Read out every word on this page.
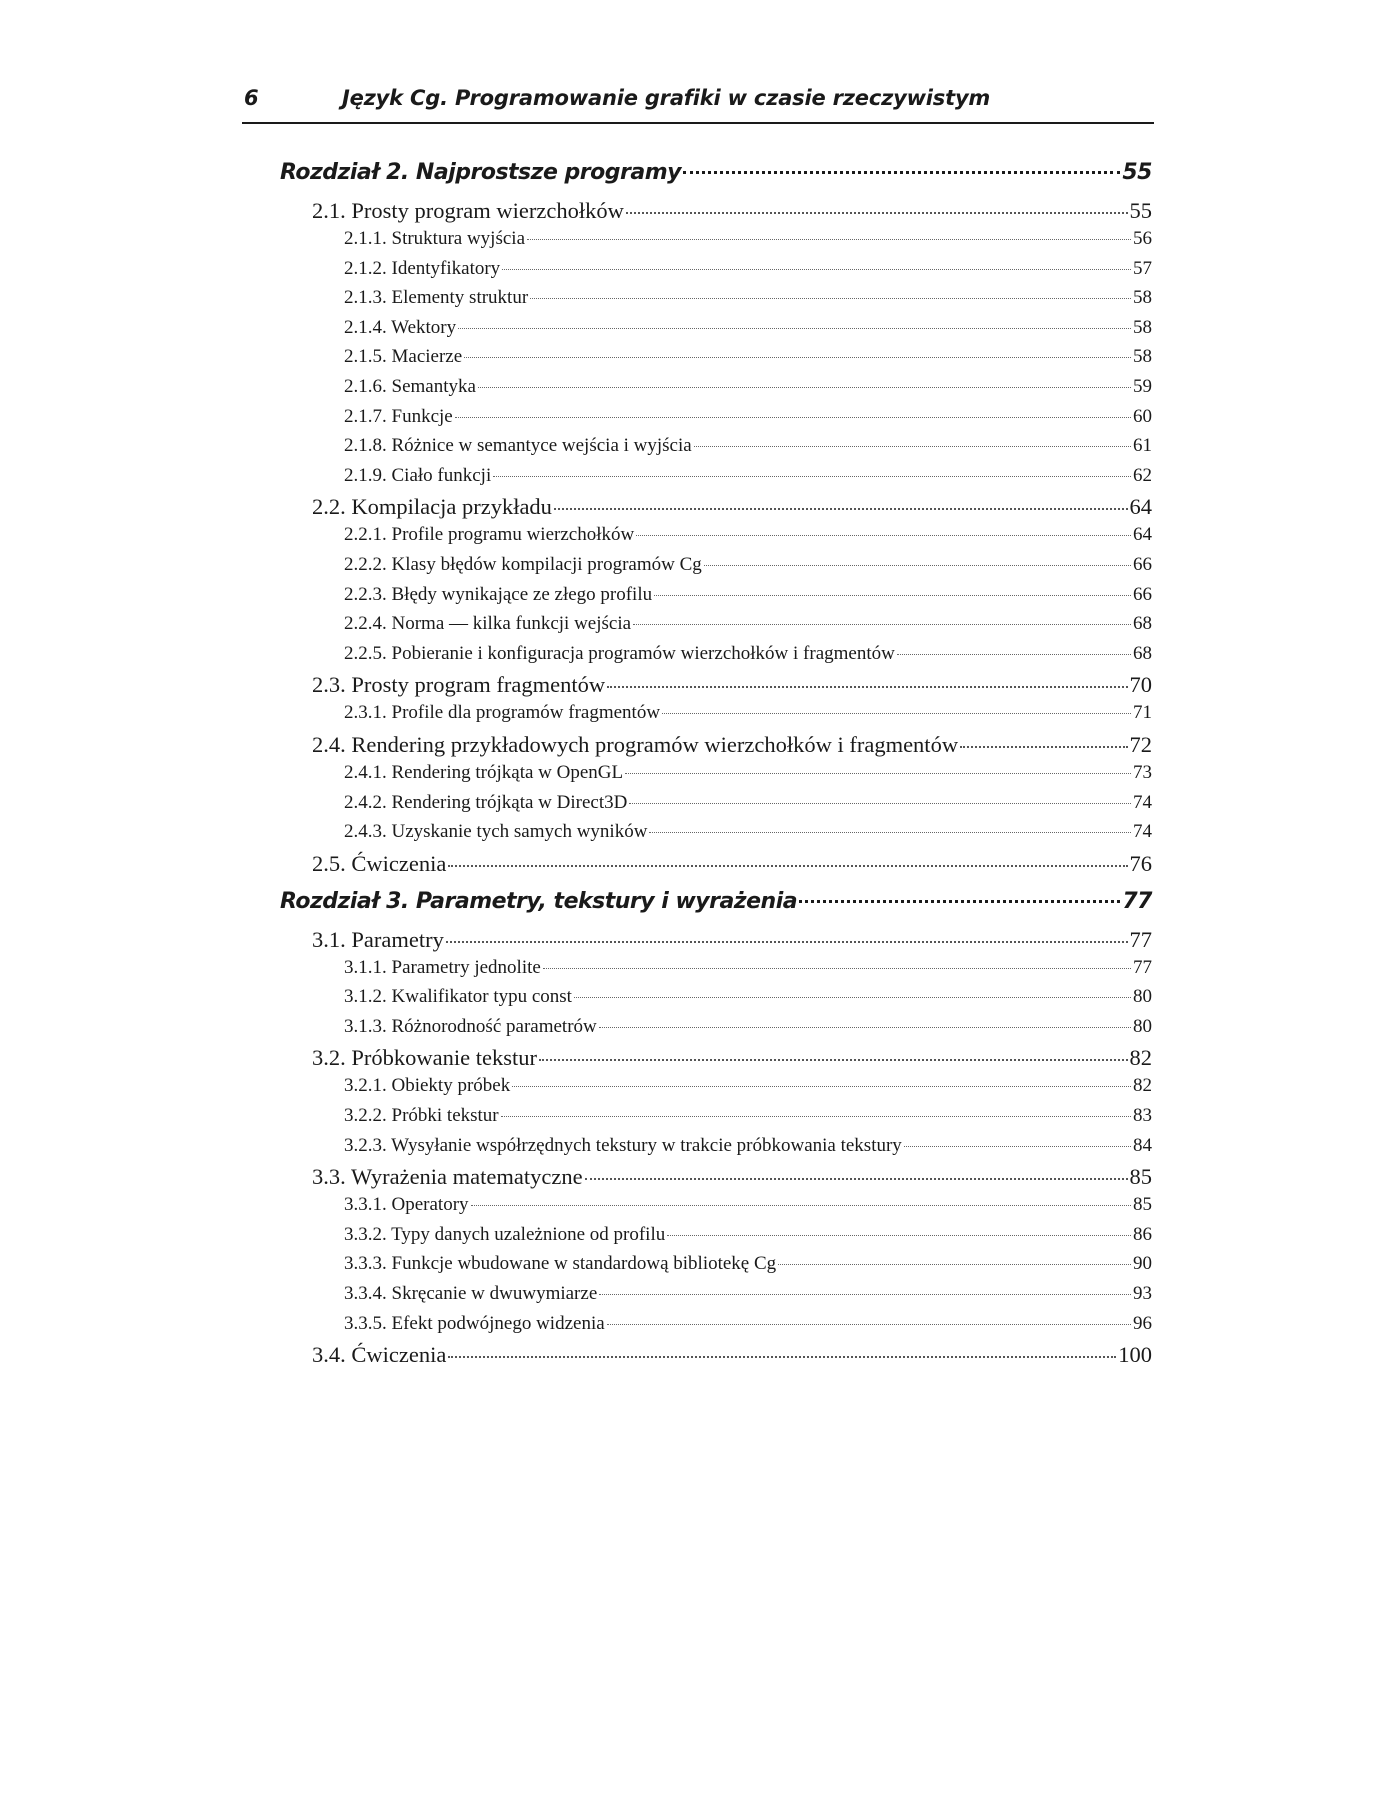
6	Język Cg. Programowanie grafiki w czasie rzeczywistym
Rozdział 2. Najprostsze programy	55
2.1. Prosty program wierzchołków	55
2.1.1. Struktura wyjścia	56
2.1.2. Identyfikatory	57
2.1.3. Elementy struktur	58
2.1.4. Wektory	58
2.1.5. Macierze	58
2.1.6. Semantyka	59
2.1.7. Funkcje	60
2.1.8. Różnice w semantyce wejścia i wyjścia	61
2.1.9. Ciało funkcji	62
2.2. Kompilacja przykładu	64
2.2.1. Profile programu wierzchołków	64
2.2.2. Klasy błędów kompilacji programów Cg	66
2.2.3. Błędy wynikające ze złego profilu	66
2.2.4. Norma — kilka funkcji wejścia	68
2.2.5. Pobieranie i konfiguracja programów wierzchołków i fragmentów	68
2.3. Prosty program fragmentów	70
2.3.1. Profile dla programów fragmentów	71
2.4. Rendering przykładowych programów wierzchołków i fragmentów	72
2.4.1. Rendering trójkąta w OpenGL	73
2.4.2. Rendering trójkąta w Direct3D	74
2.4.3. Uzyskanie tych samych wyników	74
2.5. Ćwiczenia	76
Rozdział 3. Parametry, tekstury i wyrażenia	77
3.1. Parametry	77
3.1.1. Parametry jednolite	77
3.1.2. Kwalifikator typu const	80
3.1.3. Różnorodność parametrów	80
3.2. Próbkowanie tekstur	82
3.2.1. Obiekty próbek	82
3.2.2. Próbki tekstur	83
3.2.3. Wysyłanie współrzędnych tekstury w trakcie próbkowania tekstury	84
3.3. Wyrażenia matematyczne	85
3.3.1. Operatory	85
3.3.2. Typy danych uzależnione od profilu	86
3.3.3. Funkcje wbudowane w standardową bibliotekę Cg	90
3.3.4. Skręcanie w dwuwymiarze	93
3.3.5. Efekt podwójnego widzenia	96
3.4. Ćwiczenia	100
